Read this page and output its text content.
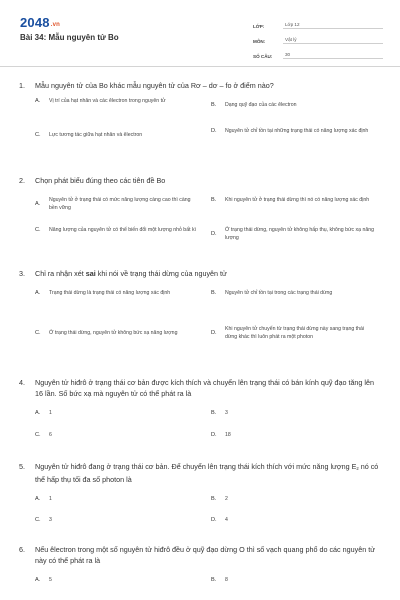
2048.vn
Bài 34: Mẫu nguyên tử Bo
LỚP:	Lớp 12
MÔN:	Vật lý
SỐ CÂU:	30
1.	Mẫu nguyên tử của Bo khác mẫu nguyên tử của Rơ – dơ – fo ở điểm nào?
A.	Vị trí của hạt nhân và các êlectron trong nguyên tử
B.	Dạng quỹ đạo của các êlectron
C.	Lực tương tác giữa hạt nhân và êlectron
D.	Nguyên tử chỉ tồn tại những trạng thái có năng lượng xác định
2.	Chọn phát biểu đúng theo các tiên đề Bo
A.
Nguyên tử ở trạng thái có mức năng lượng càng cao thì càng bền vững
B.	Khi nguyên tử ở trạng thái dừng thì nó có năng lượng xác định
C.	Năng lượng của nguyên tử có thể biến đổi một lượng nhỏ bất kì
D.
Ở trạng thái dừng, nguyên tử không hấp thụ, không bức xạ năng lượng
3.	Chỉ ra nhận xét sai khi nói về trạng thái dừng của nguyên tử
A.	Trạng thái dừng là trạng thái có năng lượng xác định	B.	Nguyên tử chỉ tồn tại trong các trạng thái dừng
C.	Ở trạng thái dừng, nguyên tử không bức xạ năng lượng	D.
Khi nguyên tử chuyển từ trạng thái dừng này sang trạng thái dừng khác thì luôn phát ra một photon
4.	Nguyên tử hiđrô ở trạng thái cơ bản được kích thích và chuyển lên trạng thái có bán kính quỹ đạo tăng lên 16 lần. Số bức xạ mà nguyên tử có thể phát ra là
A.	1	B.	3
C.	6	D.	18
5.	Nguyên tử hiđrô đang ở trạng thái cơ bản. Để chuyển lên trạng thái kích thích với mức năng lượng $E_2$ nó có thể hấp thụ tối đa số photon là
A.	1	B.	2
C.	3	D.	4
6.	Nếu êlectron trong một số nguyên tử hiđrô đều ở quỹ đạo dừng O thì số vạch quang phổ do các nguyên tử này có thể phát ra là
A.	5	B.	8
